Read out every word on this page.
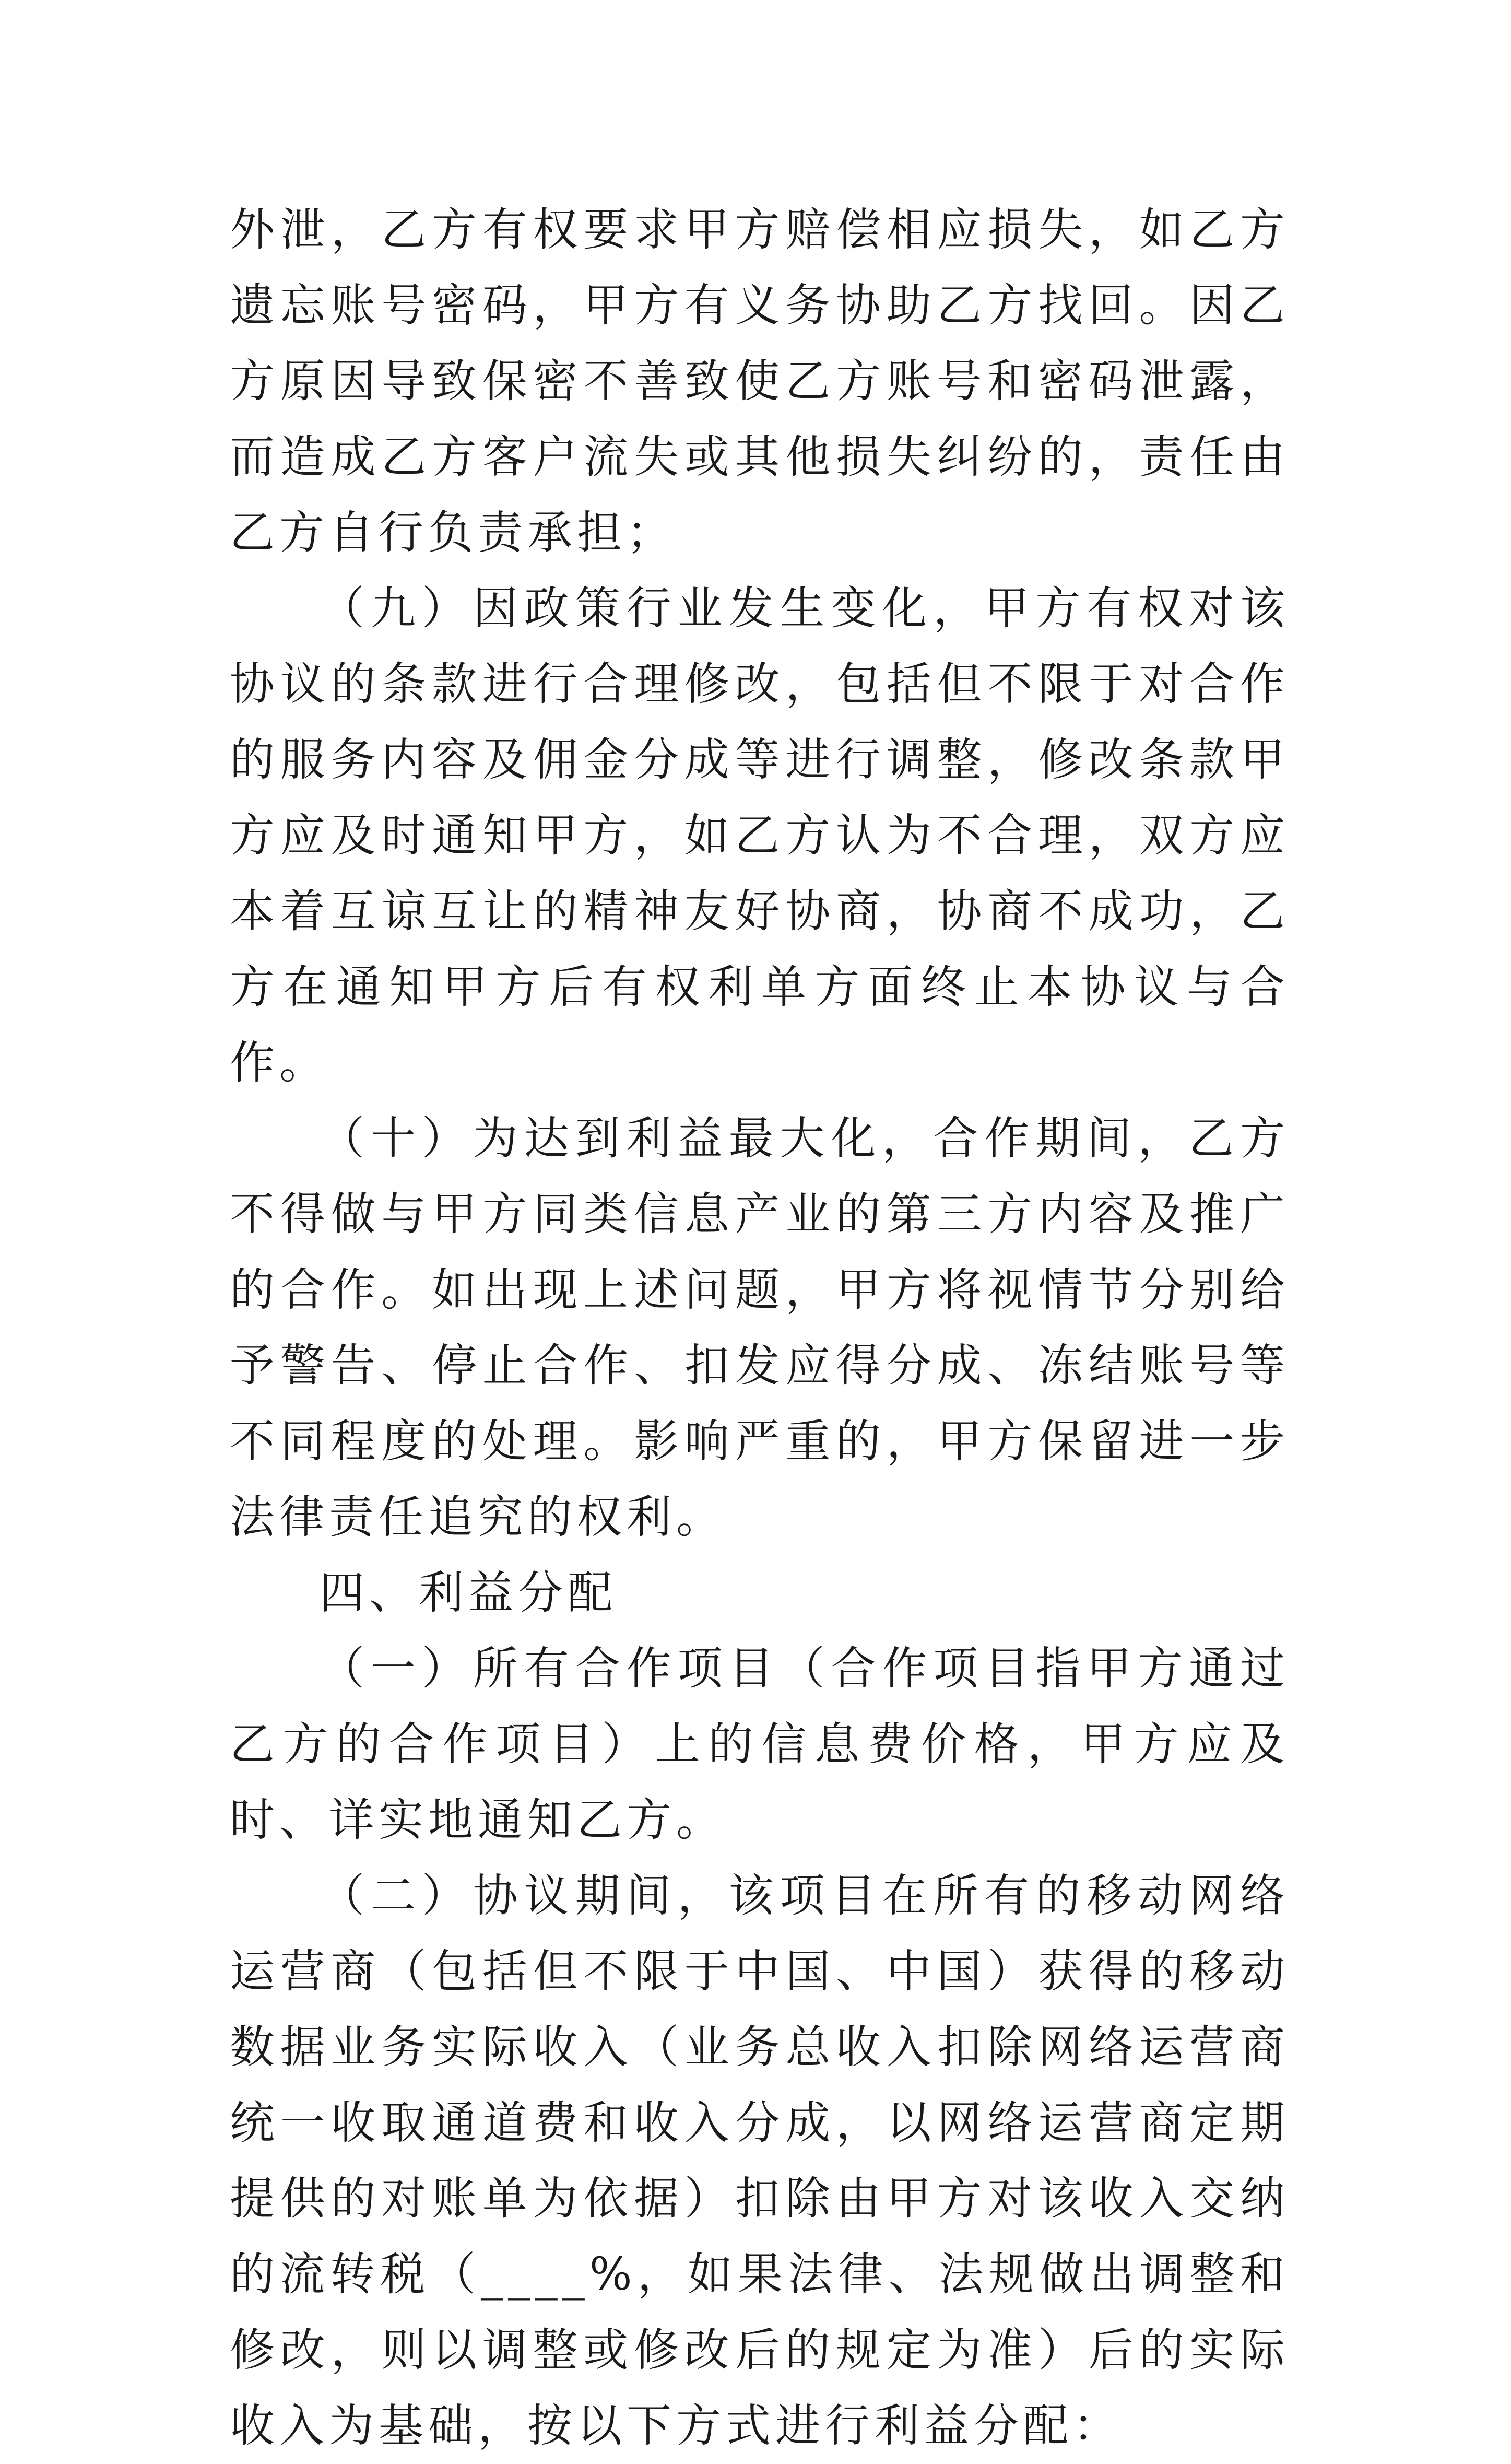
外泄，乙方有权要求甲方赔偿相应损失，如乙方遗忘账号密码，甲方有义务协助乙方找回。因乙方原因导致保密不善致使乙方账号和密码泄露，而造成乙方客户流失或其他损失纠纷的，责任由乙方自行负责承担；

（九）因政策行业发生变化，甲方有权对该协议的条款进行合理修改，包括但不限于对合作的服务内容及佣金分成等进行调整，修改条款甲方应及时通知甲方，如乙方认为不合理，双方应本着互谅互让的精神友好协商，协商不成功，乙方在通知甲方后有权利单方面终止本协议与合作。

（十）为达到利益最大化，合作期间，乙方不得做与甲方同类信息产业的第三方内容及推广的合作。如出现上述问题，甲方将视情节分别给予警告、停止合作、扣发应得分成、冻结账号等不同程度的处理。影响严重的，甲方保留进一步法律责任追究的权利。

四、利益分配

（一）所有合作项目（合作项目指甲方通过乙方的合作项目）上的信息费价格，甲方应及时、详实地通知乙方。

（二）协议期间，该项目在所有的移动网络运营商（包括但不限于中国、中国）获得的移动数据业务实际收入（业务总收入扣除网络运营商统一收取通道费和收入分成，以网络运营商定期提供的对账单为依据）扣除由甲方对该收入交纳的流转税（____%，如果法律、法规做出调整和修改，则以调整或修改后的规定为准）后的实际收入为基础，按以下方式进行利益分配：
